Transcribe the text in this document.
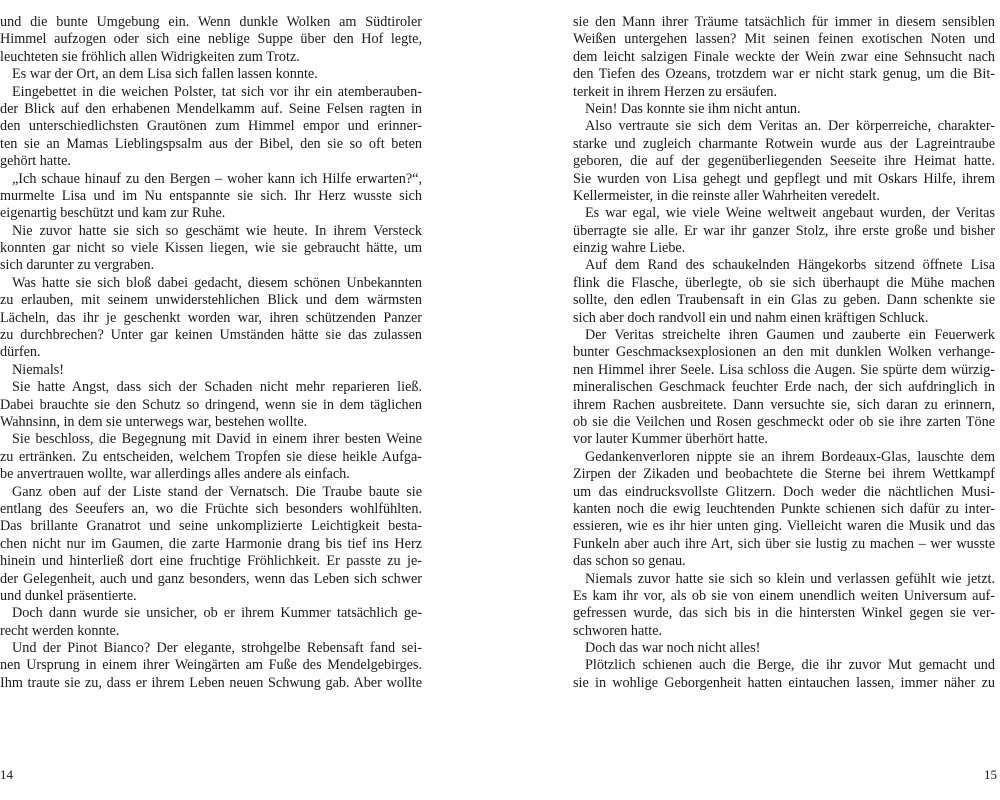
und die bunte Umgebung ein. Wenn dunkle Wolken am Südtiroler
Himmel aufzogen oder sich eine neblige Suppe über den Hof legte,
leuchteten sie fröhlich allen Widrigkeiten zum Trotz.
Es war der Ort, an dem Lisa sich fallen lassen konnte.
Eingebettet in die weichen Polster, tat sich vor ihr ein atemberauben-
der Blick auf den erhabenen Mendelkamm auf. Seine Felsen ragten in
den unterschiedlichsten Grautönen zum Himmel empor und erinner-
ten sie an Mamas Lieblingspsalm aus der Bibel, den sie so oft beten
gehört hatte.
„Ich schaue hinauf zu den Bergen – woher kann ich Hilfe erwarten?“,
murmelte Lisa und im Nu entspannte sie sich. Ihr Herz wusste sich
eigenartig beschützt und kam zur Ruhe.
Nie zuvor hatte sie sich so geschämt wie heute. In ihrem Versteck
konnten gar nicht so viele Kissen liegen, wie sie gebraucht hätte, um
sich darunter zu vergraben.
Was hatte sie sich bloß dabei gedacht, diesem schönen Unbekannten
zu erlauben, mit seinem unwiderstehlichen Blick und dem wärmsten
Lächeln, das ihr je geschenkt worden war, ihren schützenden Panzer
zu durchbrechen? Unter gar keinen Umständen hätte sie das zulassen
dürfen.
Niemals!
Sie hatte Angst, dass sich der Schaden nicht mehr reparieren ließ.
Dabei brauchte sie den Schutz so dringend, wenn sie in dem täglichen
Wahnsinn, in dem sie unterwegs war, bestehen wollte.
Sie beschloss, die Begegnung mit David in einem ihrer besten Weine
zu ertränken. Zu entscheiden, welchem Tropfen sie diese heikle Aufga-
be anvertrauen wollte, war allerdings alles andere als einfach.
Ganz oben auf der Liste stand der Vernatsch. Die Traube baute sie
entlang des Seeufers an, wo die Früchte sich besonders wohlfühlten.
Das brillante Granatrot und seine unkomplizierte Leichtigkeit besta-
chen nicht nur im Gaumen, die zarte Harmonie drang bis tief ins Herz
hinein und hinterließ dort eine fruchtige Fröhlichkeit. Er passte zu je-
der Gelegenheit, auch und ganz besonders, wenn das Leben sich schwer
und dunkel präsentierte.
Doch dann wurde sie unsicher, ob er ihrem Kummer tatsächlich ge-
recht werden konnte.
Und der Pinot Bianco? Der elegante, strohgelbe Rebensaft fand sei-
nen Ursprung in einem ihrer Weingärten am Fuße des Mendelgebirges.
Ihm traute sie zu, dass er ihrem Leben neuen Schwung gab. Aber wollte
sie den Mann ihrer Träume tatsächlich für immer in diesem sensiblen
Weißen untergehen lassen? Mit seinen feinen exotischen Noten und
dem leicht salzigen Finale weckte der Wein zwar eine Sehnsucht nach
den Tiefen des Ozeans, trotzdem war er nicht stark genug, um die Bit-
terkeit in ihrem Herzen zu ersäufen.
Nein! Das konnte sie ihm nicht antun.
Also vertraute sie sich dem Veritas an. Der körperreiche, charakter-
starke und zugleich charmante Rotwein wurde aus der Lagreintraube
geboren, die auf der gegenüberliegenden Seeseite ihre Heimat hatte.
Sie wurden von Lisa gehegt und gepflegt und mit Oskars Hilfe, ihrem
Kellermeister, in die reinste aller Wahrheiten veredelt.
Es war egal, wie viele Weine weltweit angebaut wurden, der Veritas
überragte sie alle. Er war ihr ganzer Stolz, ihre erste große und bisher
einzig wahre Liebe.
Auf dem Rand des schaukelnden Hängekorbs sitzend öffnete Lisa
flink die Flasche, überlegte, ob sie sich überhaupt die Mühe machen
sollte, den edlen Traubensaft in ein Glas zu geben. Dann schenkte sie
sich aber doch randvoll ein und nahm einen kräftigen Schluck.
Der Veritas streichelte ihren Gaumen und zauberte ein Feuerwerk
bunter Geschmacksexplosionen an den mit dunklen Wolken verhange-
nen Himmel ihrer Seele. Lisa schloss die Augen. Sie spürte dem würzig-
mineralischen Geschmack feuchter Erde nach, der sich aufdringlich in
ihrem Rachen ausbreitete. Dann versuchte sie, sich daran zu erinnern,
ob sie die Veilchen und Rosen geschmeckt oder ob sie ihre zarten Töne
vor lauter Kummer überhört hatte.
Gedankenverloren nippte sie an ihrem Bordeaux-Glas, lauschte dem
Zirpen der Zikaden und beobachtete die Sterne bei ihrem Wettkampf
um das eindrucksvollste Glitzern. Doch weder die nächtlichen Musi-
kanten noch die ewig leuchtenden Punkte schienen sich dafür zu inter-
essieren, wie es ihr hier unten ging. Vielleicht waren die Musik und das
Funkeln aber auch ihre Art, sich über sie lustig zu machen – wer wusste
das schon so genau.
Niemals zuvor hatte sie sich so klein und verlassen gefühlt wie jetzt.
Es kam ihr vor, als ob sie von einem unendlich weiten Universum auf-
gefressen wurde, das sich bis in die hintersten Winkel gegen sie ver-
schworen hatte.
Doch das war noch nicht alles!
Plötzlich schienen auch die Berge, die ihr zuvor Mut gemacht und
sie in wohlige Geborgenheit hatten eintauchen lassen, immer näher zu
14	15
